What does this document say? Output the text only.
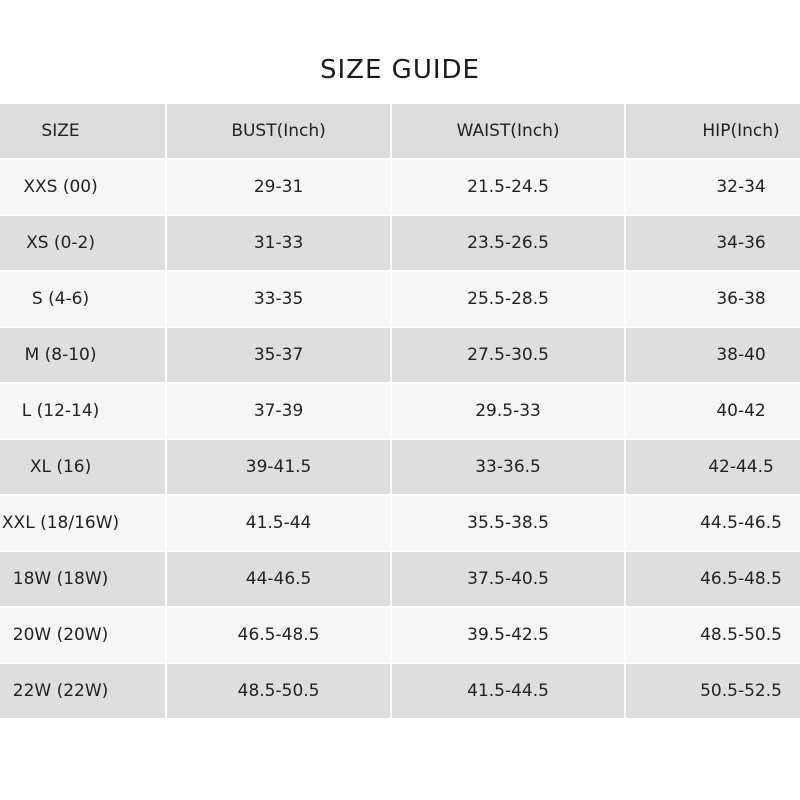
SIZE GUIDE
SIZE	BUST(Inch)	WAIST(Inch)	HIP(Inch)
XXS (00)	29-31	21.5-24.5	32-34
XS (0-2)	31-33	23.5-26.5	34-36
S (4-6)	33-35	25.5-28.5	36-38
M (8-10)	35-37	27.5-30.5	38-40
L (12-14)	37-39	29.5-33	40-42
XL (16)	39-41.5	33-36.5	42-44.5
XXL (18/16W)	41.5-44	35.5-38.5	44.5-46.5
18W (18W)	44-46.5	37.5-40.5	46.5-48.5
20W (20W)	46.5-48.5	39.5-42.5	48.5-50.5
22W (22W)	48.5-50.5	41.5-44.5	50.5-52.5
